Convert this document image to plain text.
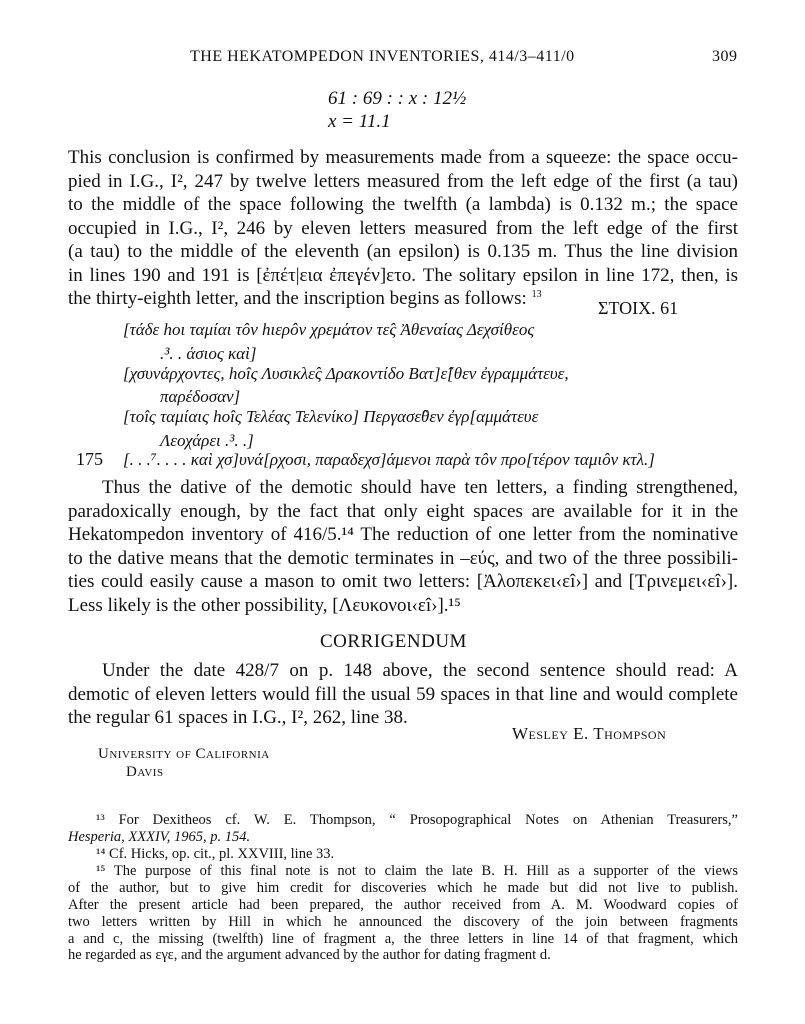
THE HEKATOMPEDON INVENTORIES, 414/3–411/0	309
61 : 69 : : x : 12½
x = 11.1
This conclusion is confirmed by measurements made from a squeeze: the space occu-
pied in I.G., I², 247 by twelve letters measured from the left edge of the first (a tau)
to the middle of the space following the twelfth (a lambda) is 0.132 m.; the space
occupied in I.G., I², 246 by eleven letters measured from the left edge of the first
(a tau) to the middle of the eleventh (an epsilon) is 0.135 m. Thus the line division
in lines 190 and 191 is [ἐπέτ|εια ἐπεγέν]ετο. The solitary epsilon in line 172, then, is
the thirty-eighth letter, and the inscription begins as follows: $^{13}$
ΣΤΟΙΧ. 61
[τάδε hοι ταμίαι τôν hιερôν χρεμάτον τε̂ς Ἀθεναίας Δεχσίθεος
.³. . άσιος καὶ]
[χσυνάρχοντες, hοîς Λυσικλε̂ς Δρακοντίδο Βατ]ε̂[θεν ἐγραμμάτευε,
παρέδοσαν]
[τοîς ταμίαις hοîς Τελέας Τελενίκο] Περγασε̂θεν ἐγρ[αμμάτευε
Λεοχάρει .³. .]
175 [. . .⁷. . . . καὶ χσ]υνά[ρχοσι, παραδεχσ]άμενοι παρὰ τôν προ[τέρον ταμιôν κτλ.]
Thus the dative of the demotic should have ten letters, a finding strengthened,
paradoxically enough, by the fact that only eight spaces are available for it in the
Hekatompedon inventory of 416/5.¹⁴ The reduction of one letter from the nominative
to the dative means that the demotic terminates in –εύς, and two of the three possibili-
ties could easily cause a mason to omit two letters: [Ἀλοπεκει‹εî›] and [Τρινεμει‹εî›].
Less likely is the other possibility, [Λευκονοι‹εî›].¹⁵
CORRIGENDUM
Under the date 428/7 on p. 148 above, the second sentence should read: A
demotic of eleven letters would fill the usual 59 spaces in that line and would complete
the regular 61 spaces in I.G., I², 262, line 38.
Wesley E. Thompson
University of California
Davis
¹³ For Dexitheos cf. W. E. Thompson, “ Prosopographical Notes on Athenian Treasurers,”
Hesperia, XXXIV, 1965, p. 154.
¹⁴ Cf. Hicks, op. cit., pl. XXVIII, line 33.
¹⁵ The purpose of this final note is not to claim the late B. H. Hill as a supporter of the views
of the author, but to give him credit for discoveries which he made but did not live to publish.
After the present article had been prepared, the author received from A. M. Woodward copies of
two letters written by Hill in which he announced the discovery of the join between fragments
a and c, the missing (twelfth) line of fragment a, the three letters in line 14 of that fragment, which
he regarded as εγε, and the argument advanced by the author for dating fragment d.
